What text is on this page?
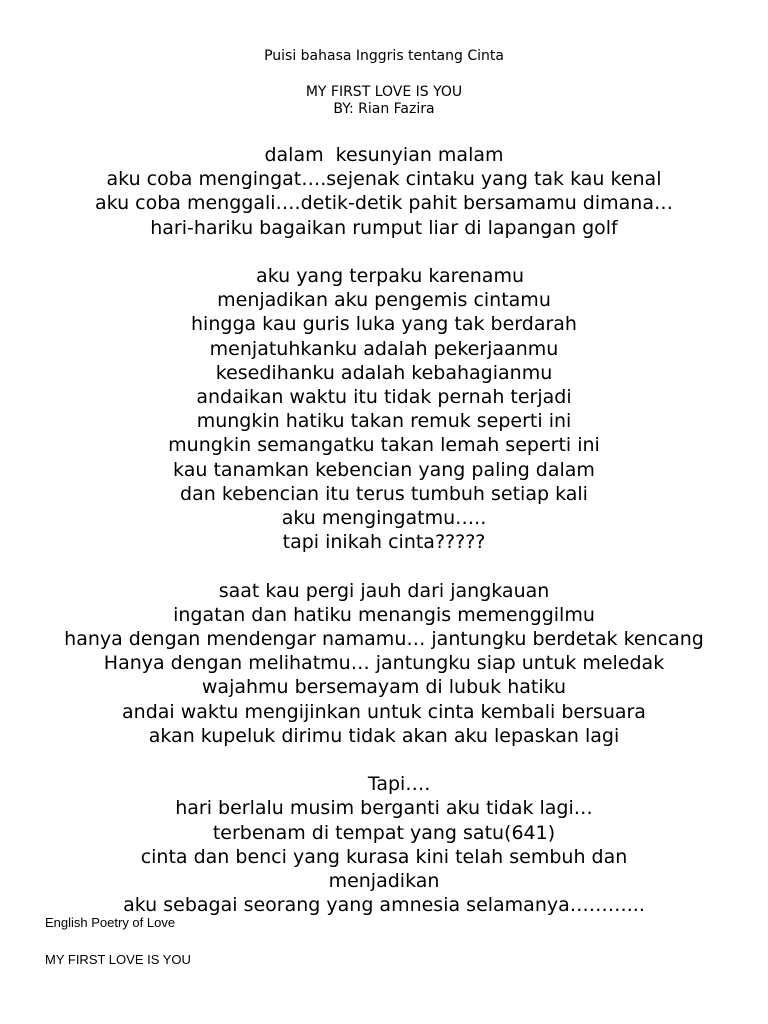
Puisi bahasa Inggris tentang Cinta
MY FIRST LOVE IS YOU
BY: Rian Fazira
dalam  kesunyian malam
aku coba mengingat….sejenak cintaku yang tak kau kenal
aku coba menggali….detik-detik pahit bersamamu dimana…
hari-hariku bagaikan rumput liar di lapangan golf
aku yang terpaku karenamu
menjadikan aku pengemis cintamu
hingga kau guris luka yang tak berdarah
menjatuhkanku adalah pekerjaanmu
kesedihanku adalah kebahagianmu
andaikan waktu itu tidak pernah terjadi
mungkin hatiku takan remuk seperti ini
mungkin semangatku takan lemah seperti ini
kau tanamkan kebencian yang paling dalam
dan kebencian itu terus tumbuh setiap kali
aku mengingatmu…..
tapi inikah cinta?????
saat kau pergi jauh dari jangkauan
ingatan dan hatiku menangis memenggilmu
hanya dengan mendengar namamu… jantungku berdetak kencang
Hanya dengan melihatmu… jantungku siap untuk meledak
wajahmu bersemayam di lubuk hatiku
andai waktu mengijinkan untuk cinta kembali bersuara
akan kupeluk dirimu tidak akan aku lepaskan lagi
Tapi….
hari berlalu musim berganti aku tidak lagi…
terbenam di tempat yang satu(641)
cinta dan benci yang kurasa kini telah sembuh dan
menjadikan
aku sebagai seorang yang amnesia selamanya………...
English Poetry of Love
MY FIRST LOVE IS YOU
